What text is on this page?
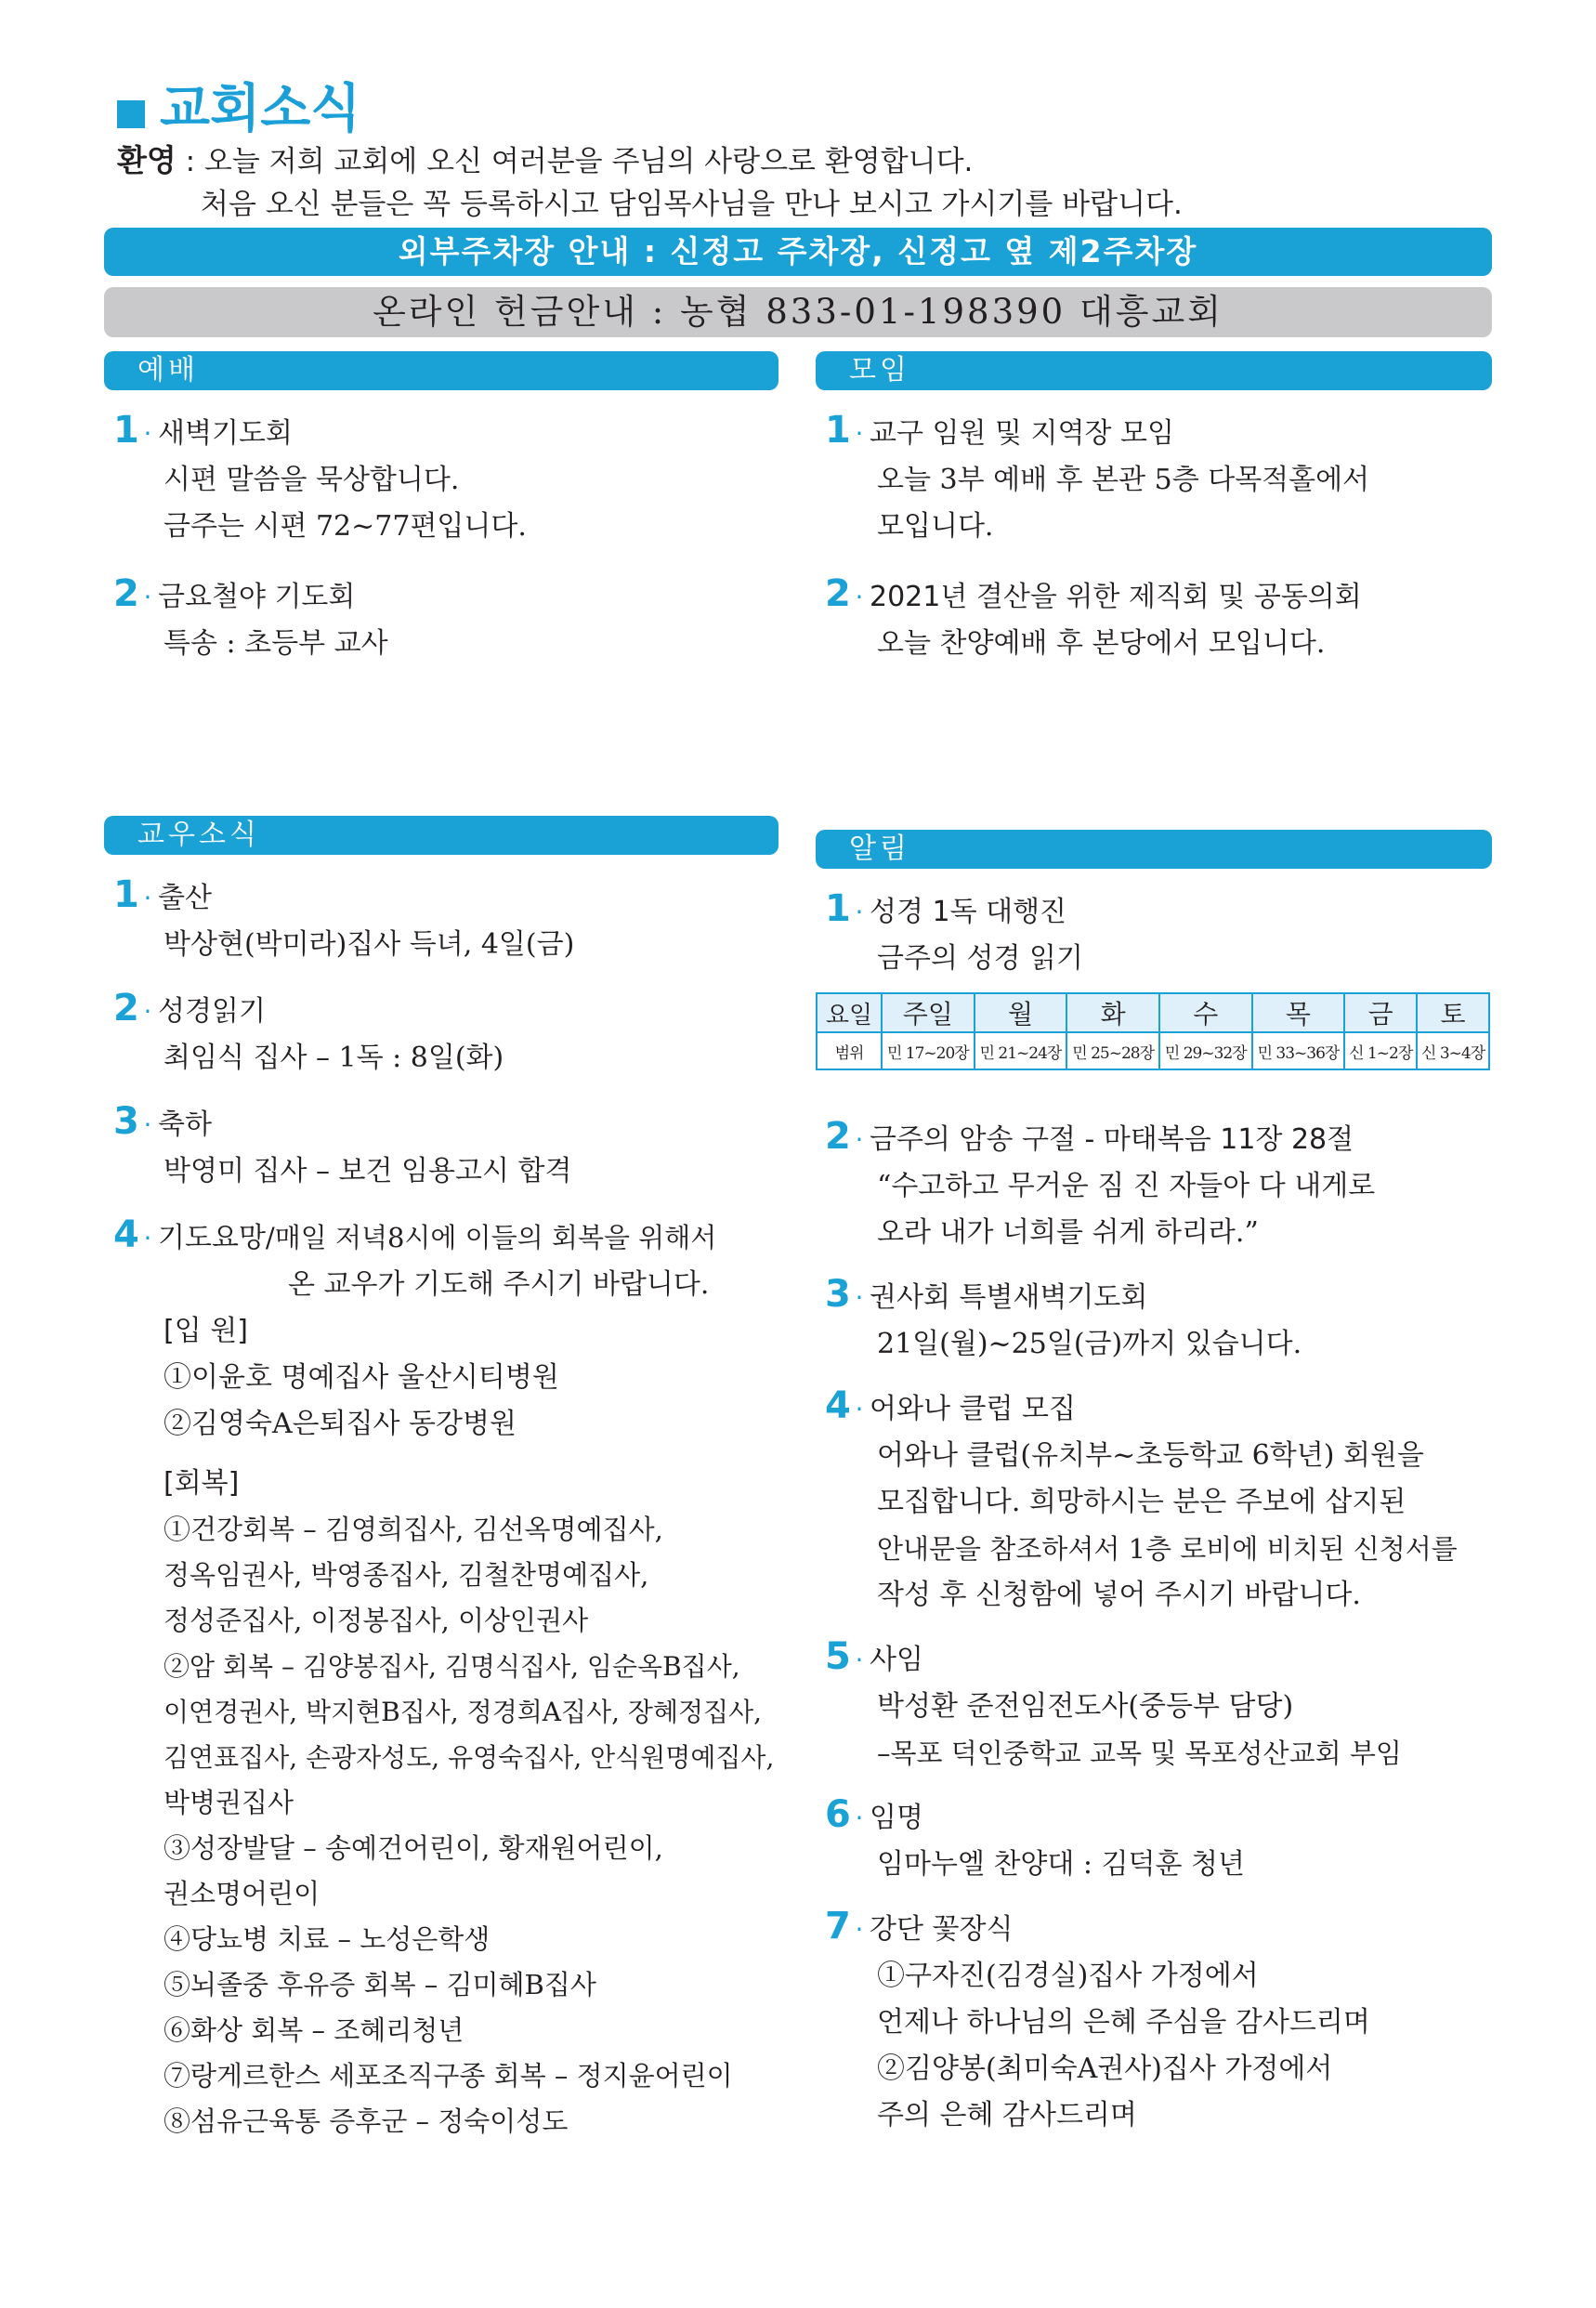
교회소식
환영 : 오늘 저희 교회에 오신 여러분을 주님의 사랑으로 환영합니다.
처음 오신 분들은 꼭 등록하시고 담임목사님을 만나 보시고 가시기를 바랍니다.
외부주차장 안내 : 신정고 주차장, 신정고 옆 제2주차장
온라인 헌금안내 : 농협 833-01-198390 대흥교회
예배
1 · 새벽기도회
시편 말씀을 묵상합니다.
금주는 시편 72~77편입니다.
2 · 금요철야 기도회
특송 : 초등부 교사
모임
1 · 교구 임원 및 지역장 모임
오늘 3부 예배 후 본관 5층 다목적홀에서
모입니다.
2 · 2021년 결산을 위한 제직회 및 공동의회
오늘 찬양예배 후 본당에서 모입니다.
교우소식
1 · 출산
박상현(박미라)집사 득녀, 4일(금)
2 · 성경읽기
최임식 집사 – 1독 : 8일(화)
3 · 축하
박영미 집사 – 보건 임용고시 합격
4 · 기도요망/매일 저녁8시에 이들의 회복을 위해서
온 교우가 기도해 주시기 바랍니다.
[입 원]
①이윤호 명예집사 울산시티병원
②김영숙A은퇴집사 동강병원
[회복]
①건강회복 – 김영희집사, 김선옥명예집사,
정옥임권사, 박영종집사, 김철찬명예집사,
정성준집사, 이정봉집사, 이상인권사
②암 회복 – 김양봉집사, 김명식집사, 임순옥B집사,
이연경권사, 박지현B집사, 정경희A집사, 장혜정집사,
김연표집사, 손광자성도, 유영숙집사, 안식원명예집사,
박병권집사
③성장발달 – 송예건어린이, 황재원어린이,
권소명어린이
④당뇨병 치료 – 노성은학생
⑤뇌졸중 후유증 회복 – 김미혜B집사
⑥화상 회복 – 조혜리청년
⑦랑게르한스 세포조직구종 회복 – 정지윤어린이
⑧섬유근육통 증후군 – 정숙이성도
알림
1 · 성경 1독 대행진
금주의 성경 읽기
요일	주일	월	화	수	목	금	토
범위	민 17~20장	민 21~24장	민 25~28장	민 29~32장	민 33~36장	신 1~2장	신 3~4장
2 · 금주의 암송 구절 - 마태복음 11장 28절
“수고하고 무거운 짐 진 자들아 다 내게로
오라 내가 너희를 쉬게 하리라.”
3 · 권사회 특별새벽기도회
21일(월)~25일(금)까지 있습니다.
4 · 어와나 클럽 모집
어와나 클럽(유치부~초등학교 6학년) 회원을
모집합니다. 희망하시는 분은 주보에 삽지된
안내문을 참조하셔서 1층 로비에 비치된 신청서를
작성 후 신청함에 넣어 주시기 바랍니다.
5 · 사임
박성환 준전임전도사(중등부 담당)
–목포 덕인중학교 교목 및 목포성산교회 부임
6 · 임명
임마누엘 찬양대 : 김덕훈 청년
7 · 강단 꽃장식
①구자진(김경실)집사 가정에서
언제나 하나님의 은혜 주심을 감사드리며
②김양봉(최미숙A권사)집사 가정에서
주의 은혜 감사드리며
